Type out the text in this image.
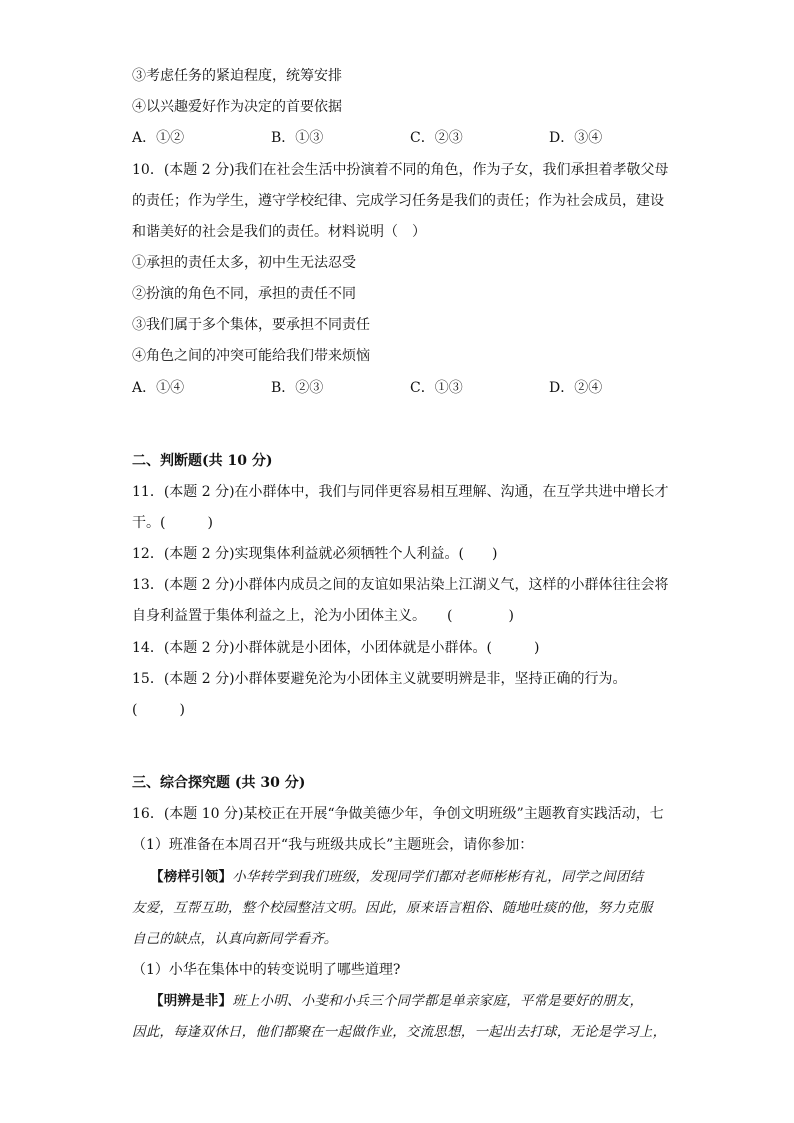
③考虑任务的紧迫程度，统筹安排
④以兴趣爱好作为决定的首要依据
A．①②	B．①③	C．②③	D．③④
10．(本题 2 分)我们在社会生活中扮演着不同的角色，作为子女，我们承担着孝敬父母
的责任；作为学生，遵守学校纪律、完成学习任务是我们的责任；作为社会成员，建设
和谐美好的社会是我们的责任。材料说明（　）
①承担的责任太多，初中生无法忍受
②扮演的角色不同，承担的责任不同
③我们属于多个集体，要承担不同责任
④角色之间的冲突可能给我们带来烦恼
A．①④	B．②③	C．①③	D．②④
二、判断题(共 10 分)
11．(本题 2 分)在小群体中，我们与同伴更容易相互理解、沟通，在互学共进中增长才
干。(　　　)
12．(本题 2 分)实现集体利益就必须牺牲个人利益。(　　)
13．(本题 2 分)小群体内成员之间的友谊如果沾染上江湖义气，这样的小群体往往会将
自身利益置于集体利益之上，沦为小团体主义。　　(　　　　)
14．(本题 2 分)小群体就是小团体，小团体就是小群体。(　　　)
15．(本题 2 分)小群体要避免沦为小团体主义就要明辨是非，坚持正确的行为。
(　　　)
三、综合探究题 (共 30 分)
16．(本题 10 分)某校正在开展“争做美德少年，争创文明班级”主题教育实践活动，七
（1）班准备在本周召开“我与班级共成长”主题班会，请你参加：
【榜样引领】小华转学到我们班级，发现同学们都对老师彬彬有礼，同学之间团结
友爱，互帮互助，整个校园整洁文明。因此，原来语言粗俗、随地吐痰的他，努力克服
自己的缺点，认真向新同学看齐。
（1）小华在集体中的转变说明了哪些道理?
【明辨是非】班上小明、小斐和小兵三个同学都是单亲家庭，平常是要好的朋友，
因此，每逢双休日，他们都聚在一起做作业，交流思想，一起出去打球，无论是学习上，
